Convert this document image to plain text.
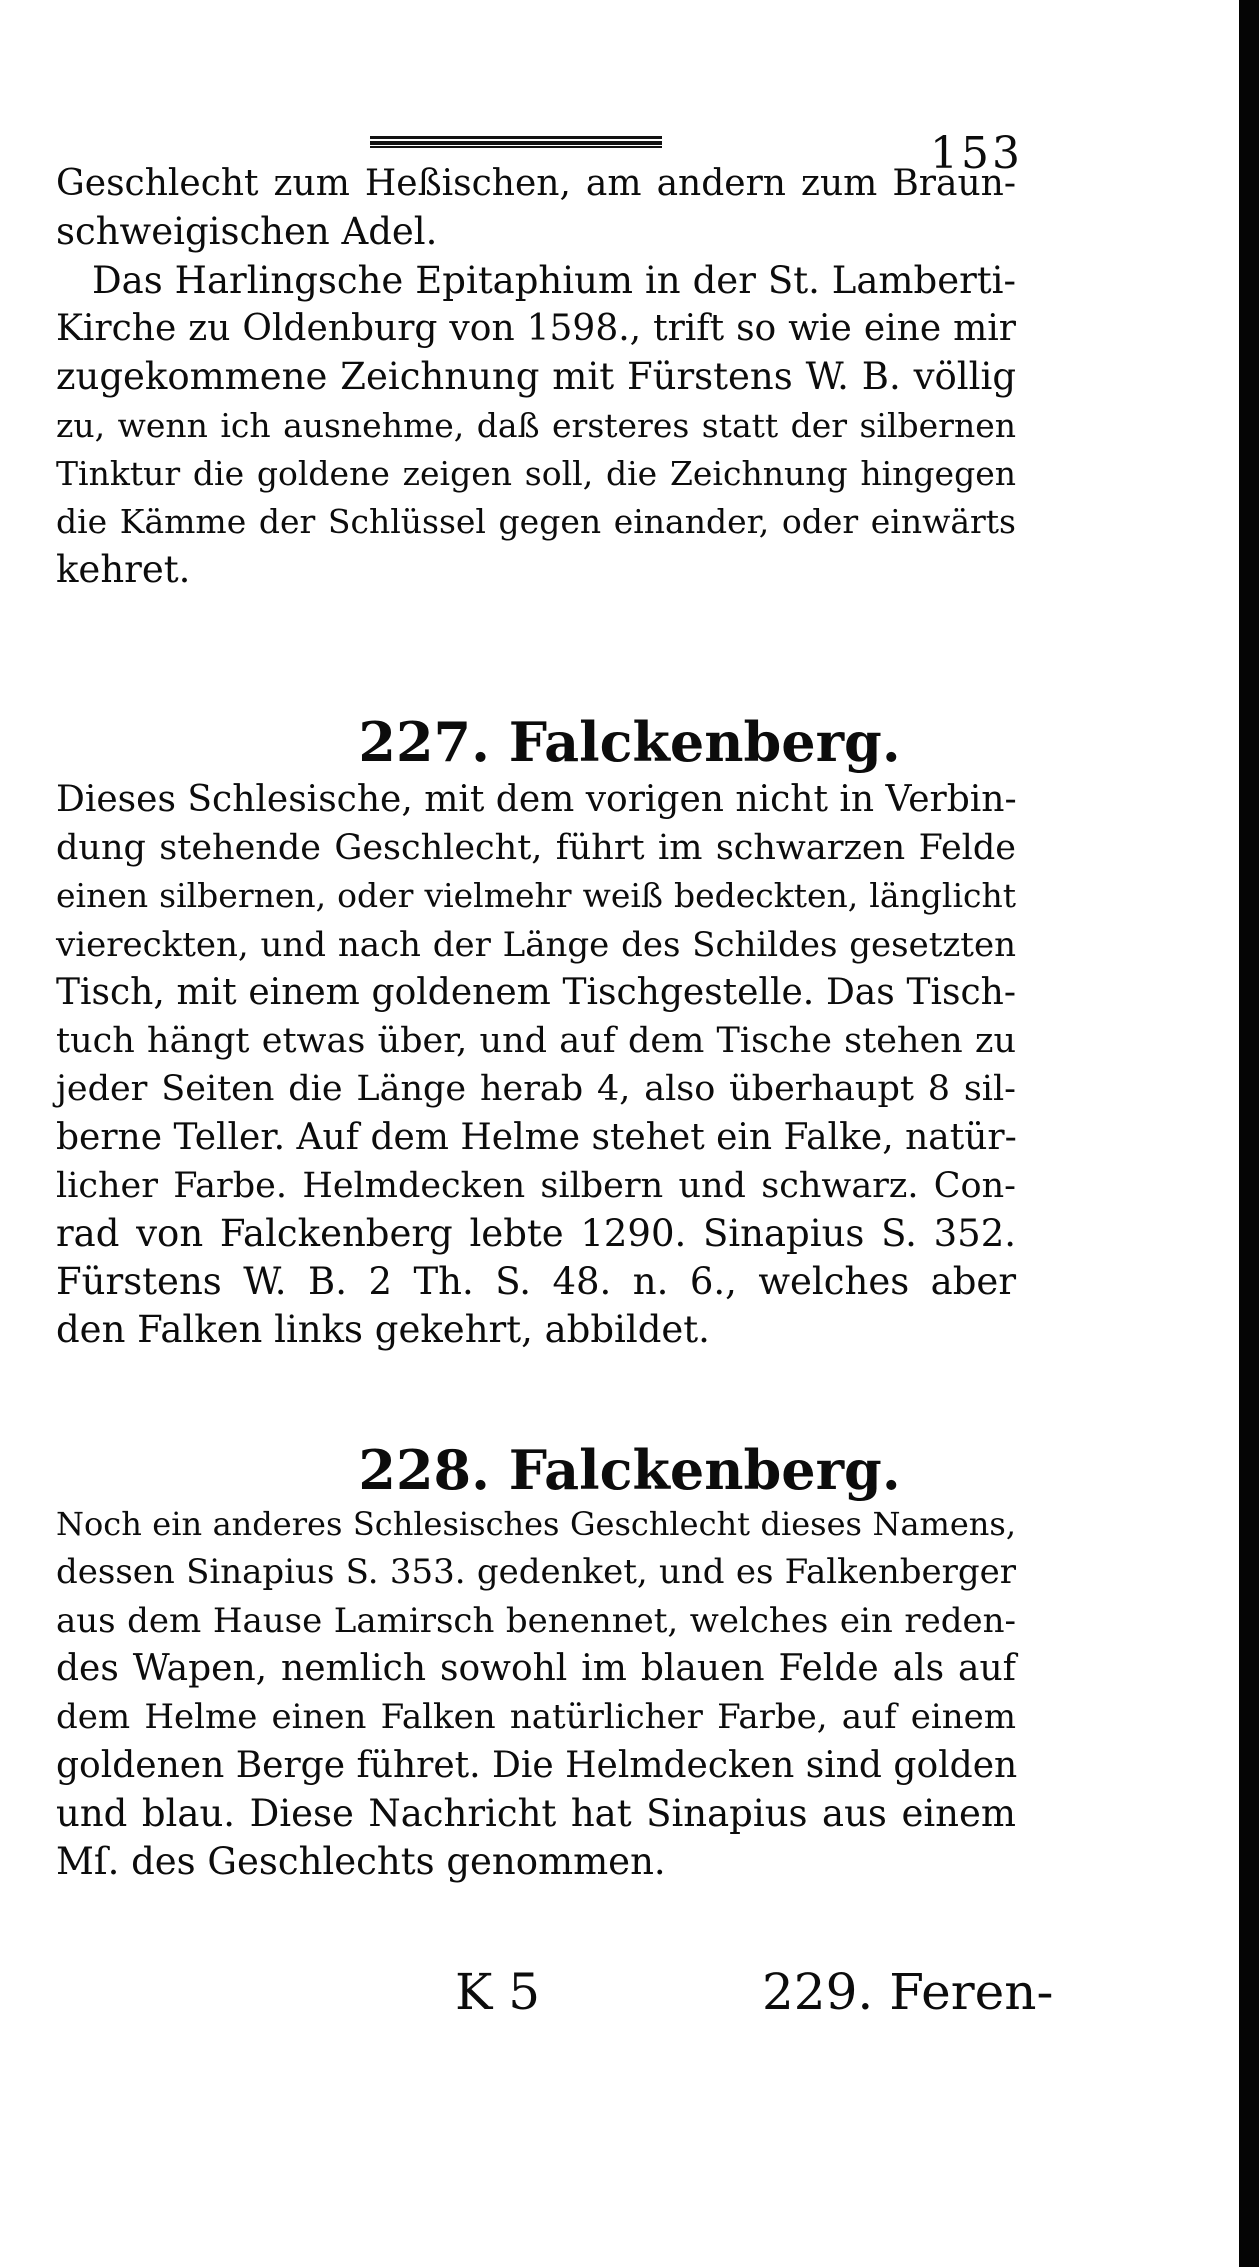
153
Geschlecht zum Heßischen, am andern zum Braun-
schweigischen Adel.
Das Harlingsche Epitaphium in der St. Lamberti-
Kirche zu Oldenburg von 1598., trift so wie eine mir
zugekommene Zeichnung mit Fürstens W. B. völlig
zu, wenn ich ausnehme, daß ersteres statt der silbernen
Tinktur die goldene zeigen soll, die Zeichnung hingegen
die Kämme der Schlüssel gegen einander, oder einwärts
kehret.
227. Falckenberg.
Dieses Schlesische, mit dem vorigen nicht in Verbin-
dung stehende Geschlecht, führt im schwarzen Felde
einen silbernen, oder vielmehr weiß bedeckten, länglicht
viereckten, und nach der Länge des Schildes gesetzten
Tisch, mit einem goldenem Tischgestelle. Das Tisch-
tuch hängt etwas über, und auf dem Tische stehen zu
jeder Seiten die Länge herab 4, also überhaupt 8 sil-
berne Teller. Auf dem Helme stehet ein Falke, natür-
licher Farbe. Helmdecken silbern und schwarz. Con-
rad von Falckenberg lebte 1290. Sinapius S. 352.
Fürstens W. B. 2 Th. S. 48. n. 6., welches aber
den Falken links gekehrt, abbildet.
228. Falckenberg.
Noch ein anderes Schlesisches Geschlecht dieses Namens,
dessen Sinapius S. 353. gedenket, und es Falkenberger
aus dem Hause Lamirsch benennet, welches ein reden-
des Wapen, nemlich sowohl im blauen Felde als auf
dem Helme einen Falken natürlicher Farbe, auf einem
goldenen Berge führet. Die Helmdecken sind golden
und blau. Diese Nachricht hat Sinapius aus einem
Mſ. des Geschlechts genommen.
K 5	229. Feren-
